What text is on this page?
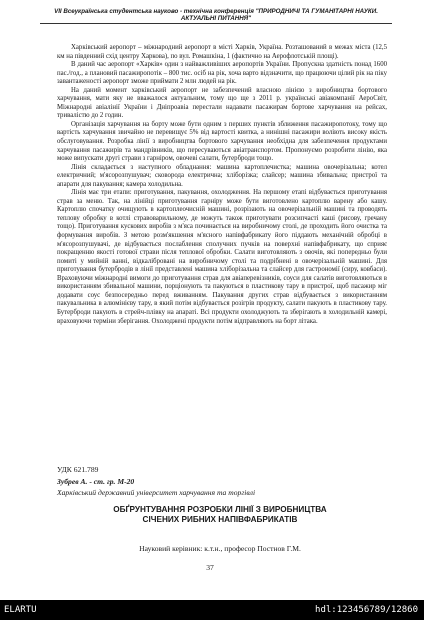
VII Всеукраїнська студентська науково - технічна конференція "ПРИРОДНИЧІ ТА ГУМАНІТАРНІ НАУКИ.
АКТУАЛЬНІ ПИТАННЯ"

Харківський аеропорт – міжнародний аеропорт в місті Харків, Україна. Розташований в межах міста (12,5 км на південний схід центру Харкова), по вул. Ромашкіна, 1 (фактично на Аерофлотській площі).

В даний час аеропорт «Харків» один з найважливіших аеропортів України. Пропускна здатність понад 1600 пас./год., а плановий пасажиропотік – 800 тис. осіб на рік, хоча варто відзначити, що працюючи цілий рік на піку завантаженості аеропорт зможе приймати 2 млн людей на рік.

На даний момент харківський аеропорт не забезпечений власною лінією з виробництва бортового харчування, мати яку не вважалося актуальним, тому що ще з 2011 р. українські авіакомпанії АероСвіт, Міжнародні авіалінії України і Дніпроавіа перестали надавати пасажирам бортове харчування на рейсах, тривалістю до 2 годин.

Організація харчування на борту може бути одним з перших пунктів зближення пасажиропотоку, тому що вартість харчування звичайно не перевищує 5% від вартості квитка, а нинішні пасажири воліють високу якість обслуговування. Розробка лінії з виробництва бортового харчування необхідна для забезпечення продуктами харчування пасажирів та мандрівників, що пересуваються авіатранспортом. Пропонуємо розробити лінію, яка може випускати другі страви з гарніром, овочеві салати, бутерброди тощо.

Лінія складається з наступного обладнання: машина картоплечистка; машина овочерізальна; котел електричний; м'ясорозпушувач; сковорода електрична; хліборізка; слайсер; машина збивальна; пристрої та апарати для пакування; камера холодильна.

Лінія має три етапи: приготування, пакування, охолодження. На першому етапі відбувається приготування страв за меню. Так, на лінійці приготування гарніру може бути виготовлено картоплю варену або кашу. Картоплю спочатку очищують в картоплеочисній машині, розрізають на овочерізальній машині та проводять теплову обробку в котлі стравоварильному, де можуть також приготувати розсипчасті каші (рисову, гречану тощо). Приготування кускових виробів з м'яса починається на виробничому столі, де проходить його очистка та формування виробів. З метою розм'якшення м'ясного напівфабрикату його піддають механічній обробці в м'ясорозпушувачі, де відбувається послаблення сполучних пучків на поверхні напівфабрикату, що сприяє покращенню якості готової страви після теплової обробки. Салати виготовляють з овочів, які попередньо були помиті у мийній ванні, відкалібровані на виробничому столі та подрібнені в овочерізальній машині. Для приготування бутербродів в лінії представлені машина хліборізальна та слайсер для гастрономії (сиру, ковбаси). Враховуючи міжнародні вимоги до приготування страв для авіаперевізників, соуси для салатів виготовляються в використанням збивальної машини, порціонують та пакуються в пластикову тару в пристрої, щоб пасажир міг додавати соус безпосередньо перед вживанням. Пакування других страв відбувається з використанням пакувальника в алюмінієву тару, в який потім відбувається розігрів продукту, салати пакують в пластикову тару. Бутерброди пакують в стрейч-плівку на апараті. Всі продукти охолоджують та зберігають в холодильній камері, враховуючи терміни зберігання. Охолоджені продукти потім відправляють на борт літака.

УДК 621.789
Зубрев А. - ст. гр. М-20
Харківський державний університет харчування та торгівлі
ОБҐРУНТУВАННЯ РОЗРОБКИ ЛІНІЇ З ВИРОБНИЦТВА
СІЧЕНИХ РИБНИХ НАПІВФАБРИКАТІВ
Науковий керівник: к.т.н., професор Постнов Г.М.
37
ELARTU	hdl:123456789/12860
